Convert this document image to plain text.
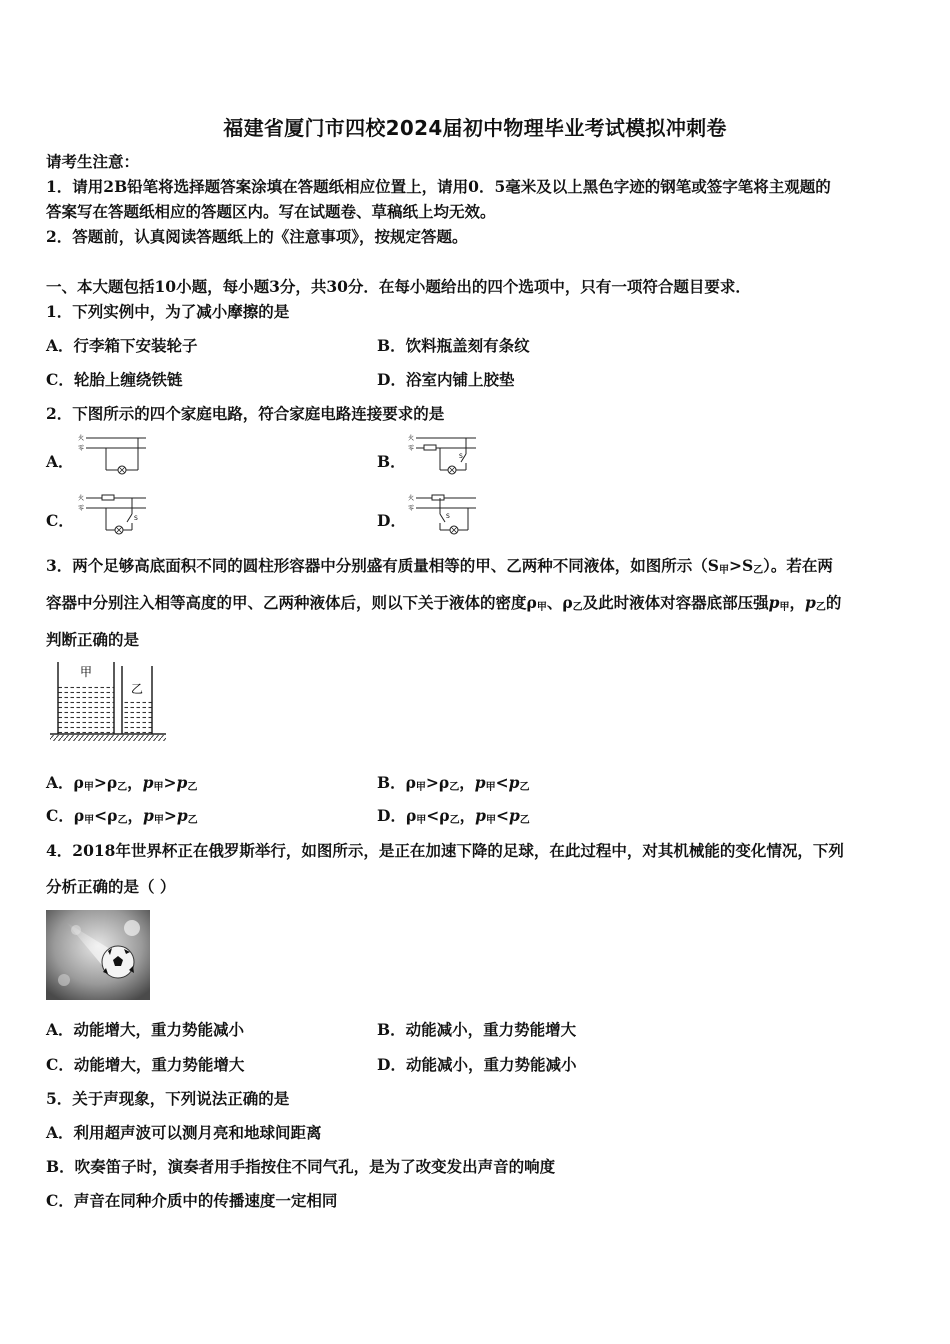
福建省厦门市四校2024届初中物理毕业考试模拟冲刺卷
请考生注意：
1．请用2B铅笔将选择题答案涂填在答题纸相应位置上，请用0．5毫米及以上黑色字迹的钢笔或签字笔将主观题的
答案写在答题纸相应的答题区内。写在试题卷、草稿纸上均无效。
2．答题前，认真阅读答题纸上的《注意事项》，按规定答题。
一、本大题包括10小题，每小题3分，共30分．在每小题给出的四个选项中，只有一项符合题目要求．
1．下列实例中，为了减小摩擦的是
A．行李箱下安装轮子	B．饮料瓶盖刻有条纹
C．轮胎上缠绕铁链	D．浴室内铺上胶垫
2．下图所示的四个家庭电路，符合家庭电路连接要求的是
A．
火
零
B．
火
零
S
C．
火
零
S	D．
火
零
S
3．两个足够高底面积不同的圆柱形容器中分别盛有质量相等的甲、乙两种不同液体，如图所示$(S_甲>S_乙)$。若在两
容器中分别注入相等高度的甲、乙两种液体后，则以下关于液体的密度$\rho_甲$、$\rho_乙$及此时液体对容器底部压强$p_甲$，$p_乙$的
判断正确的是
甲
乙
A．$\rho_甲>\rho_乙$，$p_甲>p_乙$	B．$\rho_甲>\rho_乙$，$p_甲<p_乙$
C．$\rho_甲<\rho_乙$，$p_甲>p_乙$	D．$\rho_甲<\rho_乙$，$p_甲<p_乙$
4．2018年世界杯正在俄罗斯举行，如图所示，是正在加速下降的足球，在此过程中，对其机械能的变化情况，下列
分析正确的是（ ）
A．动能增大，重力势能减小	B．动能减小，重力势能增大
C．动能增大，重力势能增大	D．动能减小，重力势能减小
5．关于声现象，下列说法正确的是
A．利用超声波可以测月亮和地球间距离
B．吹奏笛子时，演奏者用手指按住不同气孔，是为了改变发出声音的响度
C．声音在同种介质中的传播速度一定相同
